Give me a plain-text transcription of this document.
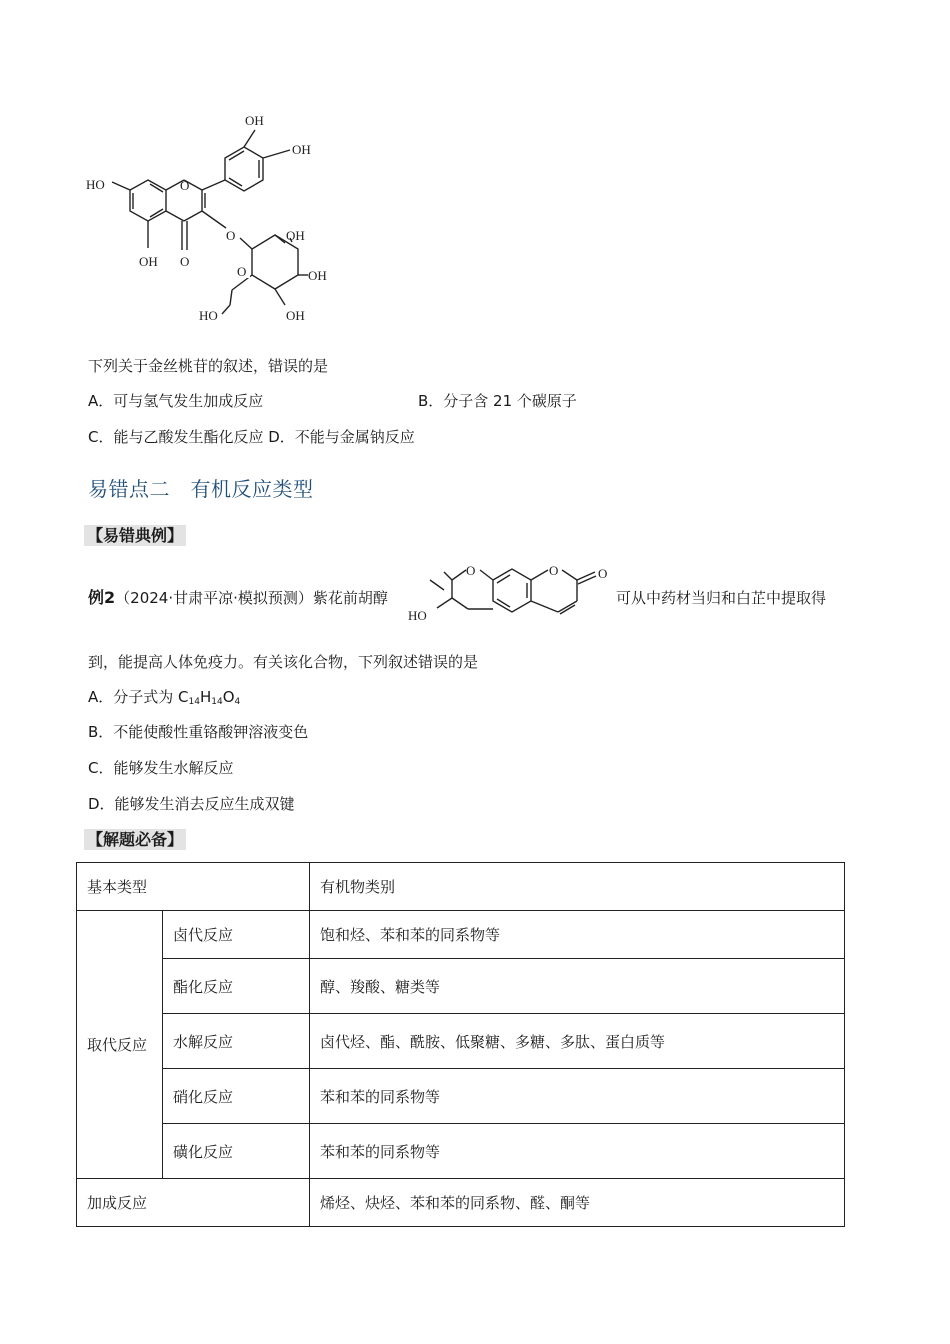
O
OH
OH
HO
OH O
O	OH
OH
OH
O
HO
下列关于金丝桃苷的叙述，错误的是
A．可与氢气发生加成反应	B．分子含 21 个碳原子
C．能与乙酸发生酯化反应 D．不能与金属钠反应
易错点二　有机反应类型
【易错典例】
例2（2024·甘肃平凉·模拟预测）紫花前胡醇	可从中药材当归和白芷中提取得
O	O	O
HO
到，能提高人体免疫力。有关该化合物，下列叙述错误的是
A．分子式为 $C_{14}H_{14}O_4$
B．不能使酸性重铬酸钾溶液变色
C．能够发生水解反应
D．能够发生消去反应生成双键
【解题必备】
基本类型		有机物类别
取代反应	卤代反应	饱和烃、苯和苯的同系物等
	酯化反应	醇、羧酸、糖类等
	水解反应	卤代烃、酯、酰胺、低聚糖、多糖、多肽、蛋白质等
	硝化反应	苯和苯的同系物等
	磺化反应	苯和苯的同系物等
加成反应		烯烃、炔烃、苯和苯的同系物、醛、酮等
